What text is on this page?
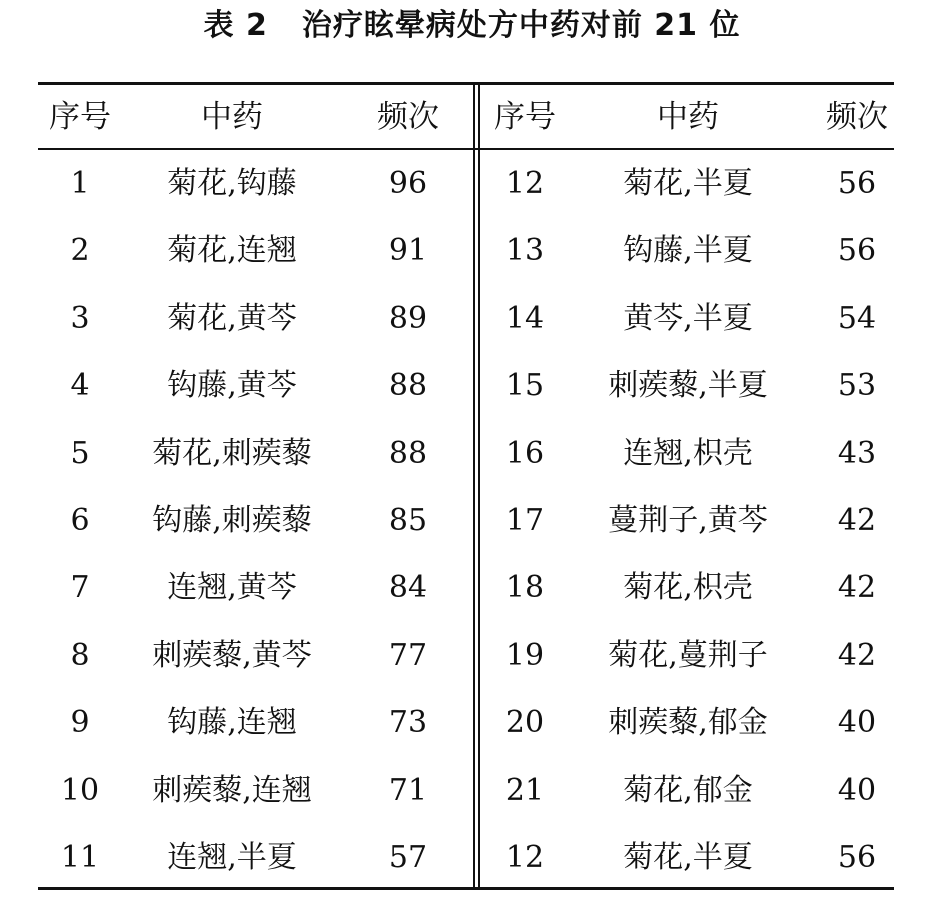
表 2 治疗眩晕病处方中药对前 21 位
序号	中药	频次	序号	中药	频次
1	菊花,钩藤	96	12	菊花,半夏	56
2	菊花,连翘	91	13	钩藤,半夏	56
3	菊花,黄芩	89	14	黄芩,半夏	54
4	钩藤,黄芩	88	15	刺蒺藜,半夏	53
5	菊花,刺蒺藜	88	16	连翘,枳壳	43
6	钩藤,刺蒺藜	85	17	蔓荆子,黄芩	42
7	连翘,黄芩	84	18	菊花,枳壳	42
8	刺蒺藜,黄芩	77	19	菊花,蔓荆子	42
9	钩藤,连翘	73	20	刺蒺藜,郁金	40
10	刺蒺藜,连翘	71	21	菊花,郁金	40
11	连翘,半夏	57	12	菊花,半夏	56
